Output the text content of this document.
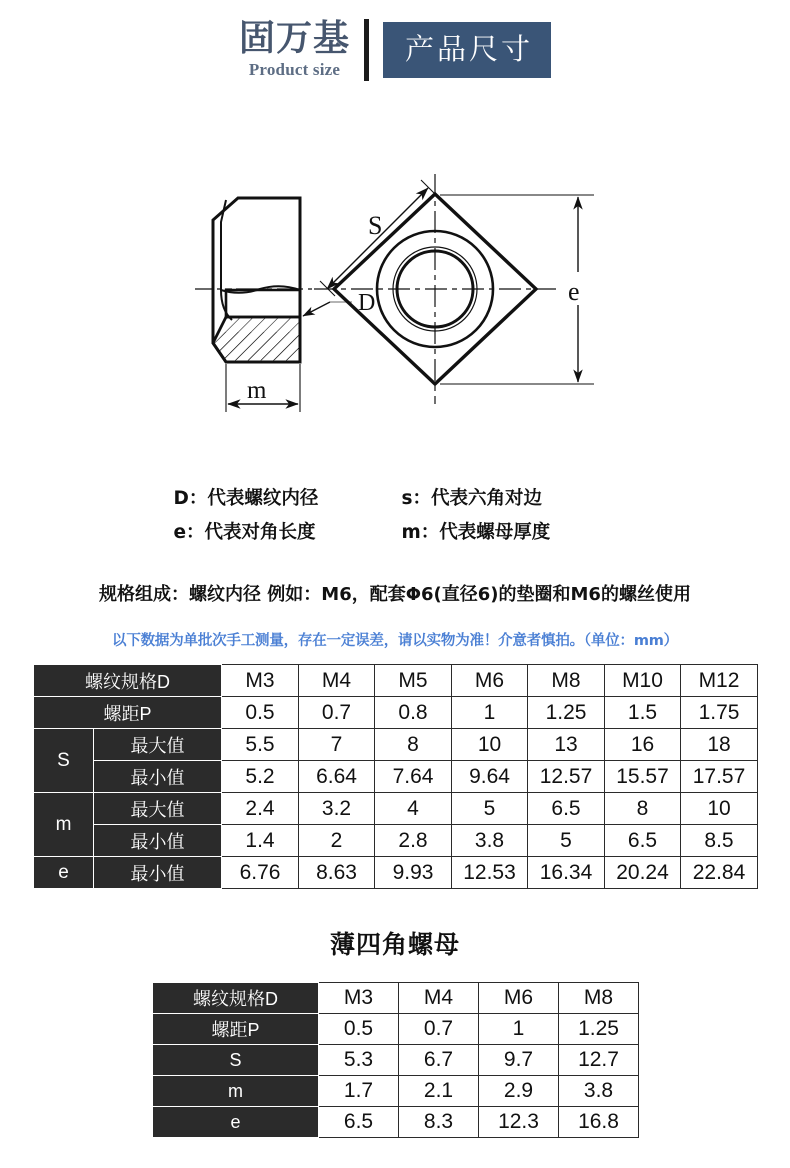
固万基
Product size
产品尺寸
D
m
S
e
D：代表螺纹内径	s：代表六角对边
e：代表对角长度	m：代表螺母厚度
规格组成：螺纹内径 例如：M6，配套Φ6(直径6)的垫圈和M6的螺丝使用
以下数据为单批次手工测量，存在一定误差，请以实物为准！介意者慎拍。（单位：mm）
螺纹规格D		M3	M4	M5	M6	M8	M10	M12
螺距P		0.5	0.7	0.8	1	1.25	1.5	1.75
S	最大值	5.5	7	8	10	13	16	18
	最小值	5.2	6.64	7.64	9.64	12.57	15.57	17.57
m	最大值	2.4	3.2	4	5	6.5	8	10
	最小值	1.4	2	2.8	3.8	5	6.5	8.5
e	最小值	6.76	8.63	9.93	12.53	16.34	20.24	22.84
薄四角螺母
螺纹规格D	M3	M4	M6	M8
螺距P	0.5	0.7	1	1.25
S	5.3	6.7	9.7	12.7
m	1.7	2.1	2.9	3.8
e	6.5	8.3	12.3	16.8
